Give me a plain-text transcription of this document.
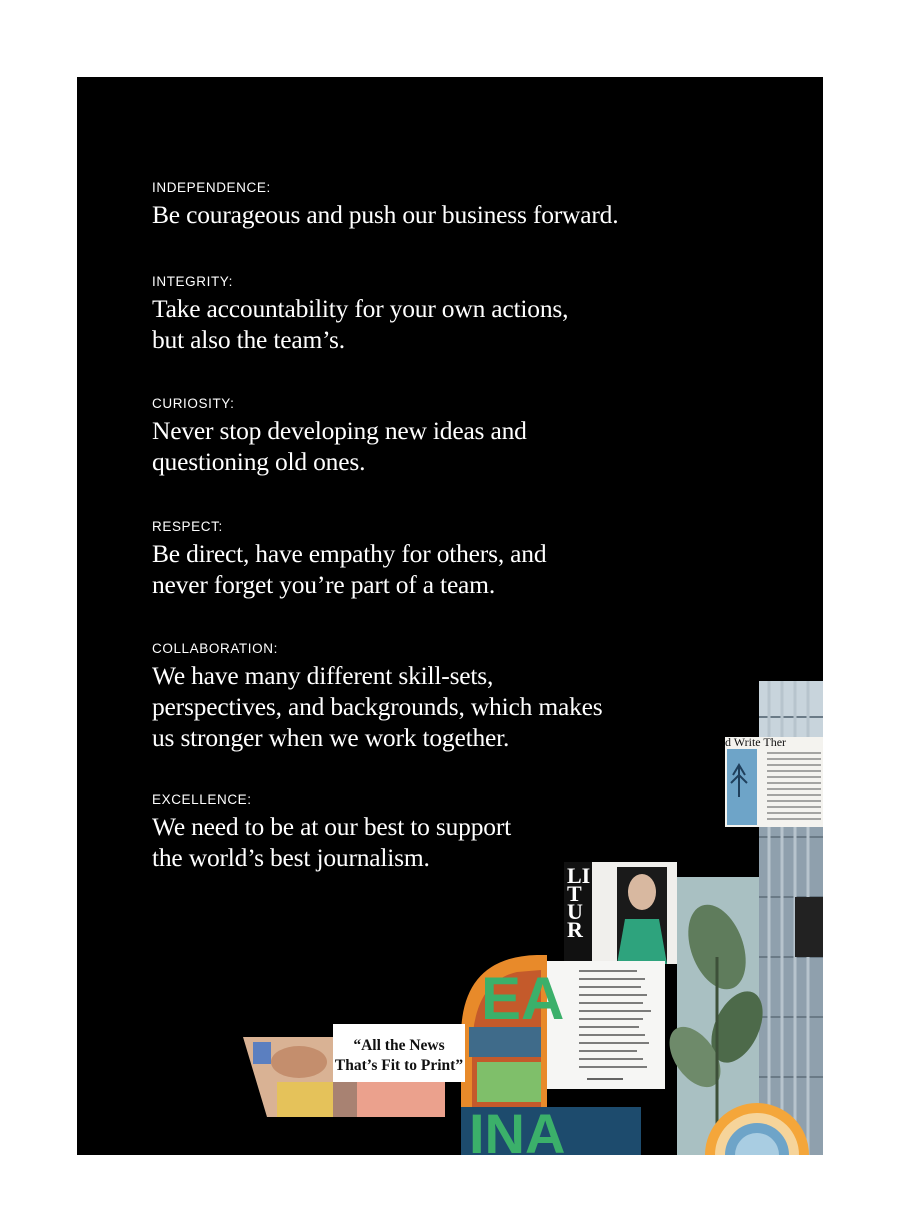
EA
INA
“All the News
That’s Fit to Print”

INDEPENDENCE:

Be courageous and push our business forward.

INTEGRITY:

Take accountability for your own actions,
but also the team’s.

CURIOSITY:

Never stop developing new ideas and
questioning old ones.

RESPECT:

Be direct, have empathy for others, and
never forget you’re part of a team.

COLLABORATION:

We have many different skill-sets,
perspectives, and backgrounds, which makes
us stronger when we work together.

EXCELLENCE:

We need to be at our best to support
the world’s best journalism.

LITUR
d Write Ther
